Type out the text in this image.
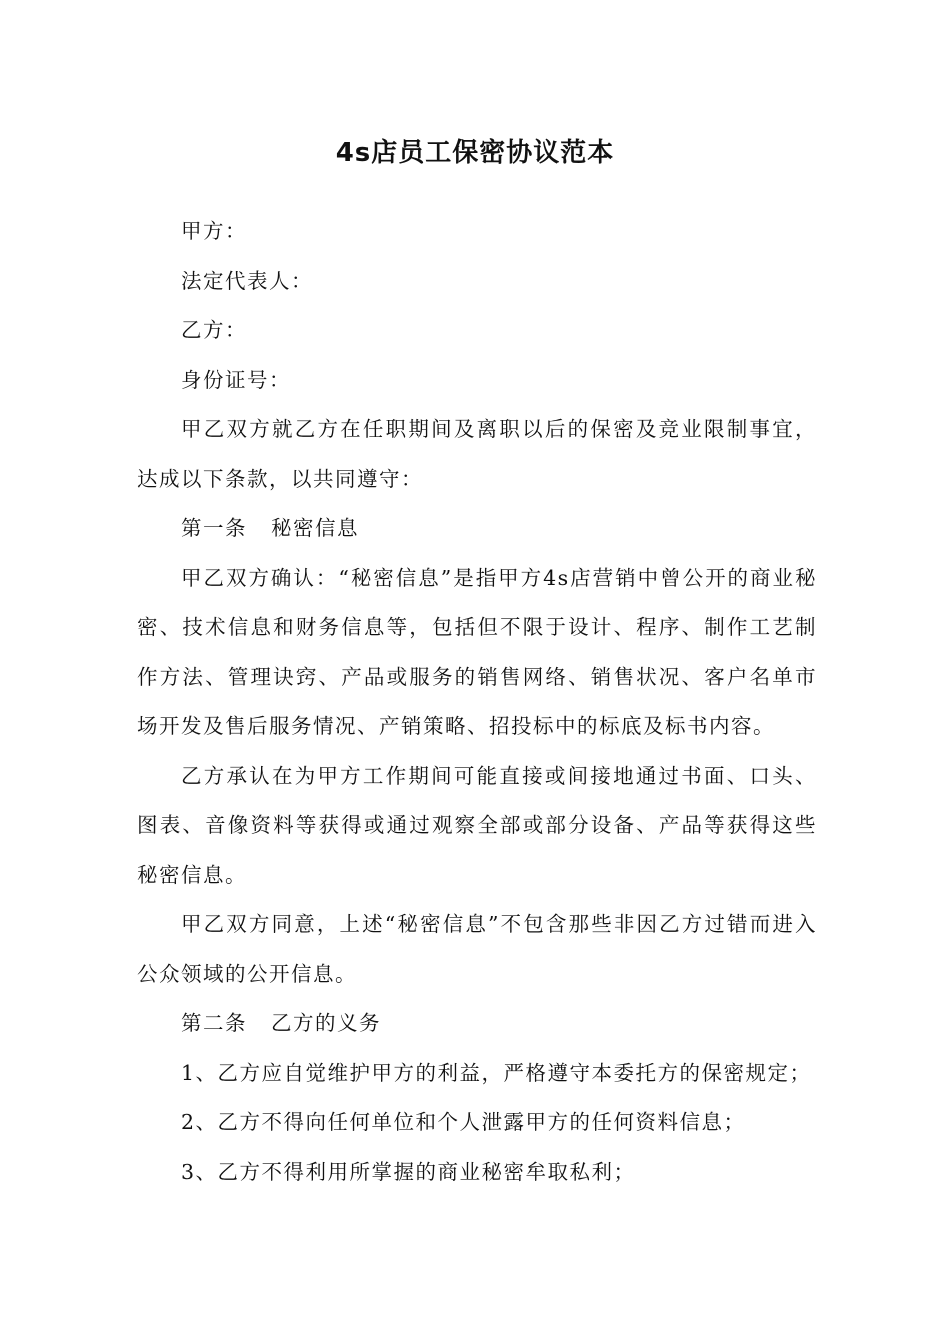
4s店员工保密协议范本

甲方：

法定代表人：

乙方：

身份证号：

甲乙双方就乙方在任职期间及离职以后的保密及竞业限制事宜，达成以下条款，以共同遵守：

第一条 秘密信息

甲乙双方确认：“秘密信息”是指甲方4s店营销中曾公开的商业秘密、技术信息和财务信息等，包括但不限于设计、程序、制作工艺制作方法、管理诀窍、产品或服务的销售网络、销售状况、客户名单市场开发及售后服务情况、产销策略、招投标中的标底及标书内容。

乙方承认在为甲方工作期间可能直接或间接地通过书面、口头、图表、音像资料等获得或通过观察全部或部分设备、产品等获得这些秘密信息。

甲乙双方同意，上述“秘密信息”不包含那些非因乙方过错而进入公众领域的公开信息。

第二条 乙方的义务

1、乙方应自觉维护甲方的利益，严格遵守本委托方的保密规定；

2、乙方不得向任何单位和个人泄露甲方的任何资料信息；

3、乙方不得利用所掌握的商业秘密牟取私利；
